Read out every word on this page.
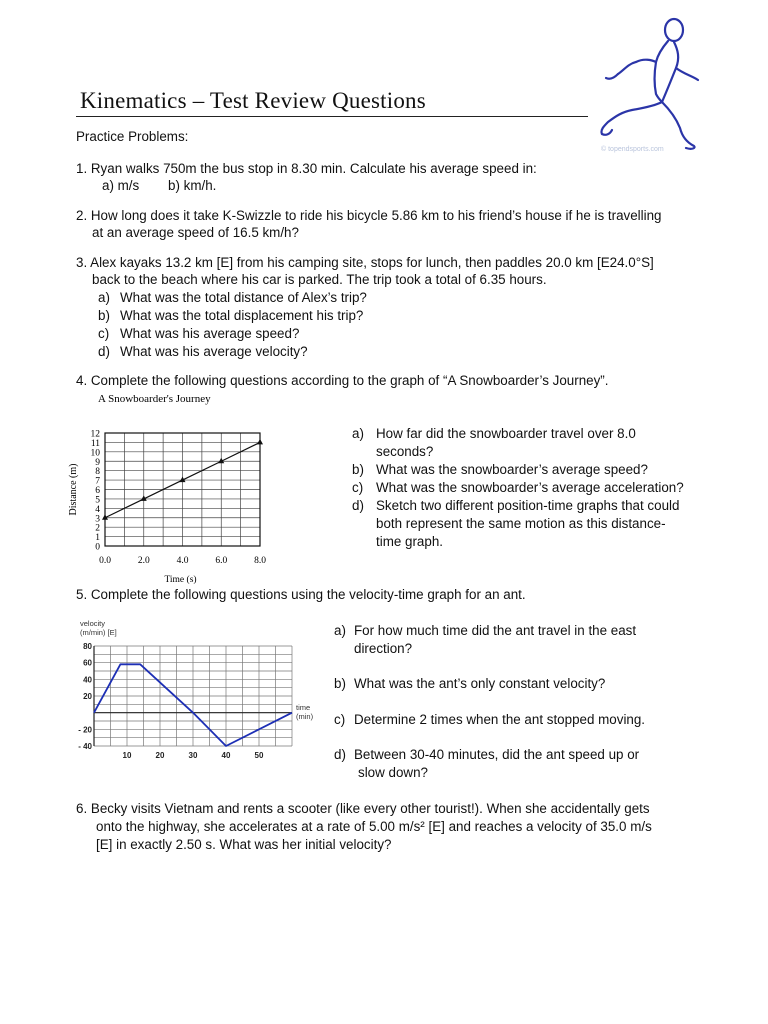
Kinematics – Test Review Questions
© topendsports.com
Practice Problems:
1. Ryan walks 750m the bus stop in 8.30 min. Calculate his average speed in:
a) m/s b) km/h.
2. How long does it take K-Swizzle to ride his bicycle 5.86 km to his friend’s house if he is travelling
at an average speed of 16.5 km/h?
3. Alex kayaks 13.2 km [E] from his camping site, stops for lunch, then paddles 20.0 km [E24.0°S]
back to the beach where his car is parked. The trip took a total of 6.35 hours.
a) What was the total distance of Alex’s trip?
b) What was the total displacement his trip?
c) What was his average speed?
d) What was his average velocity?
4. Complete the following questions according to the graph of “A Snowboarder’s Journey”.
A Snowboarder's Journey
0
1
2
3
4
5
6
7
8
9
10
11
12
0.0	2.0	4.0	6.0	8.0
Time (s)
Distance (m)
a) How far did the snowboarder travel over 8.0
seconds?
b) What was the snowboarder’s average speed?
c) What was the snowboarder’s average acceleration?
d) Sketch two different position-time graphs that could
both represent the same motion as this distance-
time graph.
5. Complete the following questions using the velocity-time graph for an ant.
velocity
(m/min) [E]
time
(min)
80
60
40
20
- 20
- 40
10	20	30	40	50
a) For how much time did the ant travel in the east
direction?
b) What was the ant’s only constant velocity?
c) Determine 2 times when the ant stopped moving.
d) Between 30-40 minutes, did the ant speed up or
slow down?
6. Becky visits Vietnam and rents a scooter (like every other tourist!). When she accidentally gets
onto the highway, she accelerates at a rate of 5.00 m/s² [E] and reaches a velocity of 35.0 m/s
[E] in exactly 2.50 s. What was her initial velocity?
